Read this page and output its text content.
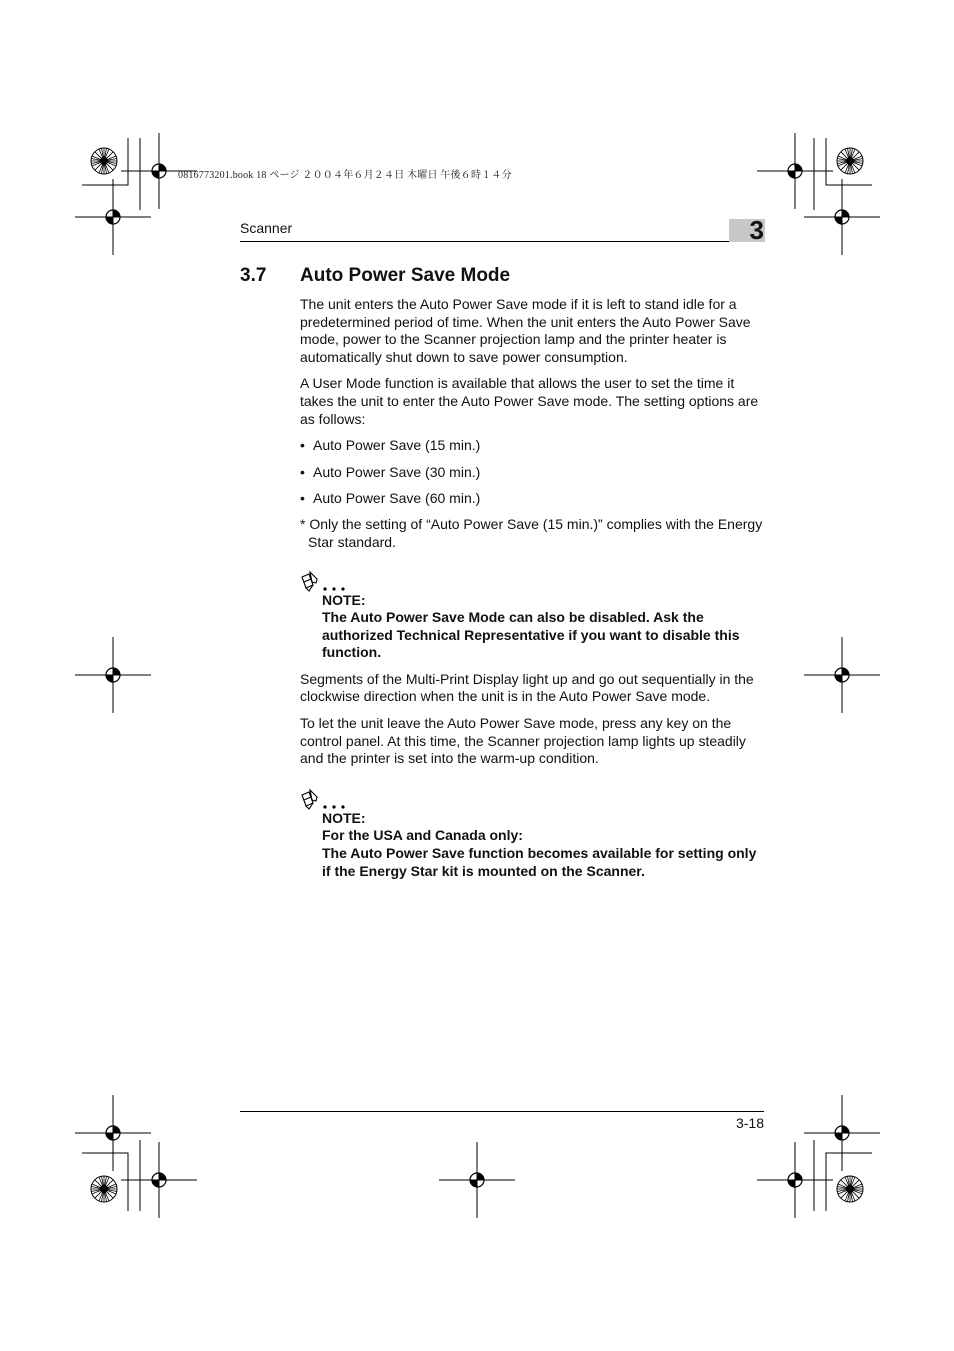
0816773201.book 18 ページ ２００４年６月２４日 木曜日 午後６時１４分
Scanner	3
3.7 Auto Power Save Mode

The unit enters the Auto Power Save mode if it is left to stand idle for a predetermined period of time. When the unit enters the Auto Power Save mode, power to the Scanner projection lamp and the printer heater is automatically shut down to save power consumption.

A User Mode function is available that allows the user to set the time it takes the unit to enter the Auto Power Save mode. The setting options are as follows:

• Auto Power Save (15 min.)
• Auto Power Save (30 min.)
• Auto Power Save (60 min.)

* Only the setting of “Auto Power Save (15 min.)” complies with the Energy Star standard.

NOTE:
The Auto Power Save Mode can also be disabled. Ask the authorized Technical Representative if you want to disable this function.

Segments of the Multi-Print Display light up and go out sequentially in the clockwise direction when the unit is in the Auto Power Save mode.

To let the unit leave the Auto Power Save mode, press any key on the control panel. At this time, the Scanner projection lamp lights up steadily and the printer is set into the warm-up condition.

NOTE:
For the USA and Canada only:
The Auto Power Save function becomes available for setting only if the Energy Star kit is mounted on the Scanner.
3-18
